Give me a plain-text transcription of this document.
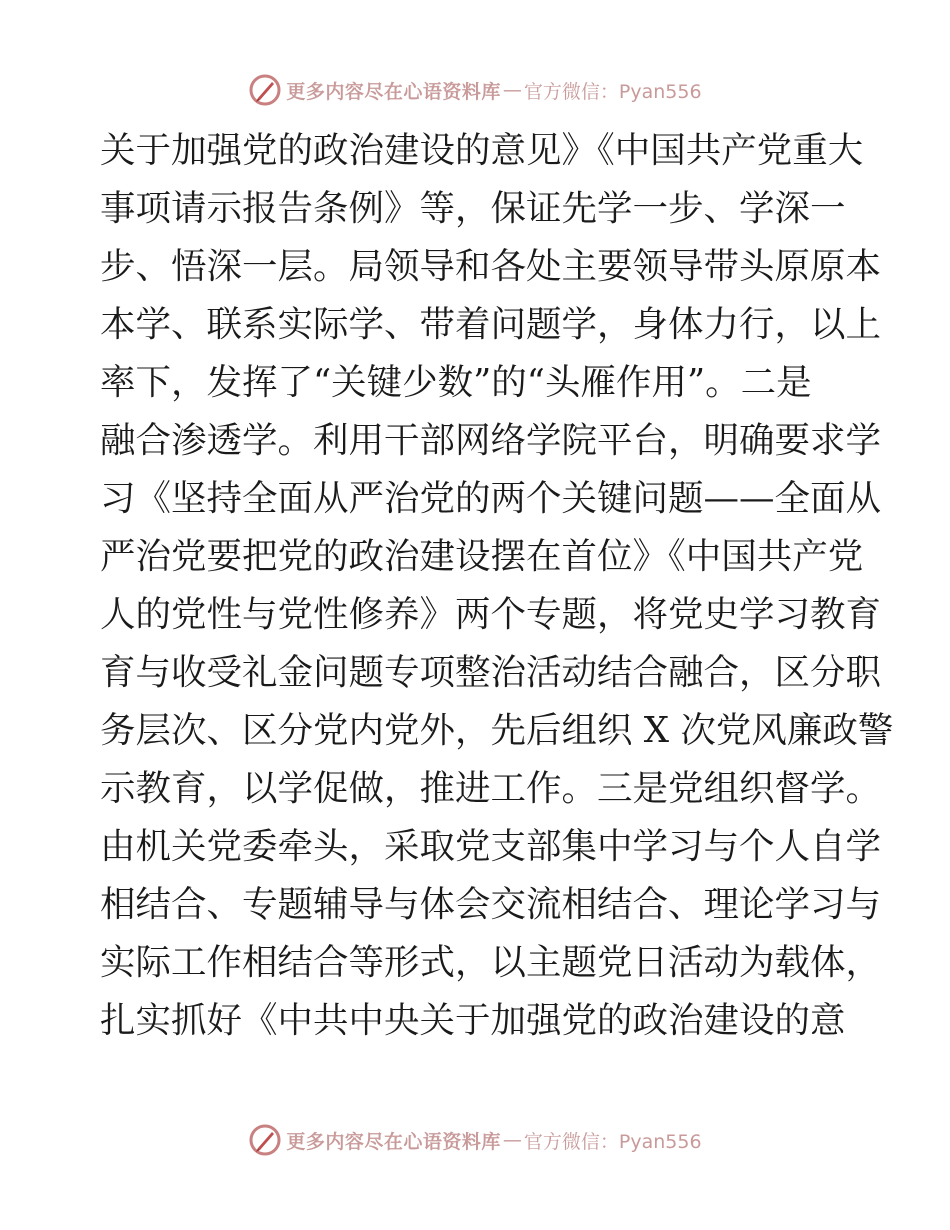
更多内容尽在心语资料库 — 官方微信：Pyan556
关于加强党的政治建设的意见》《中国共产党重大
事项请示报告条例》等，保证先学一步、学深一
步、悟深一层。局领导和各处主要领导带头原原本
本学、联系实际学、带着问题学，身体力行，以上
率下，发挥了“关键少数”的“头雁作用”。二是
融合渗透学。利用干部网络学院平台，明确要求学
习《坚持全面从严治党的两个关键问题——全面从
严治党要把党的政治建设摆在首位》《中国共产党
人的党性与党性修养》两个专题，将党史学习教育
育与收受礼金问题专项整治活动结合融合，区分职
务层次、区分党内党外，先后组织 X 次党风廉政警
示教育，以学促做，推进工作。三是党组织督学。
由机关党委牵头，采取党支部集中学习与个人自学
相结合、专题辅导与体会交流相结合、理论学习与
实际工作相结合等形式，以主题党日活动为载体，
扎实抓好《中共中央关于加强党的政治建设的意
更多内容尽在心语资料库 — 官方微信：Pyan556
